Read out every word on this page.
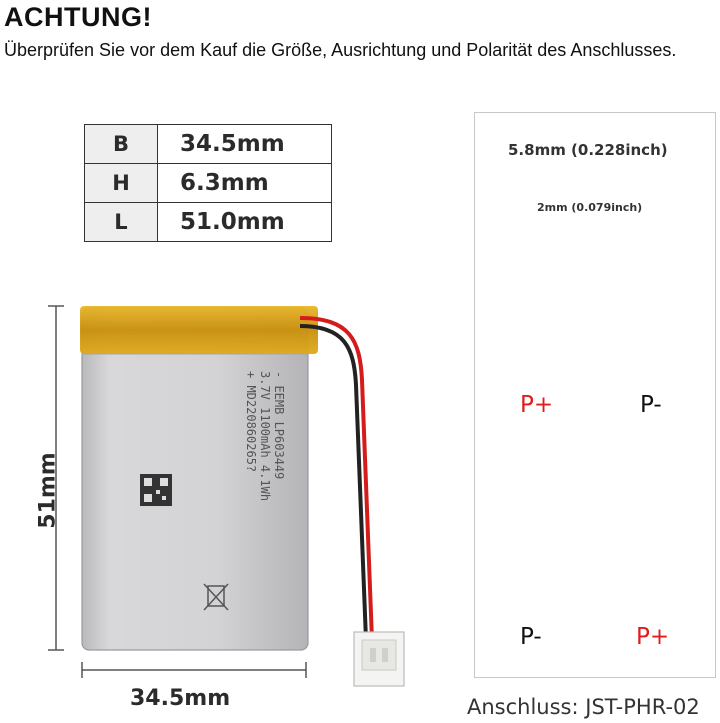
ACHTUNG!
Überprüfen Sie vor dem Kauf die Größe, Ausrichtung und Polarität des Anschlusses.
B	34.5mm
H	6.3mm
L	51.0mm
51mm
34.5mm
- EEMB LP603449
3.7V 1100mAh 4.1Wh
+ MD220860265?
5.8mm (0.228inch)
2mm (0.079inch)
P+	P-
P-	P+
Anschluss: JST-PHR-02
